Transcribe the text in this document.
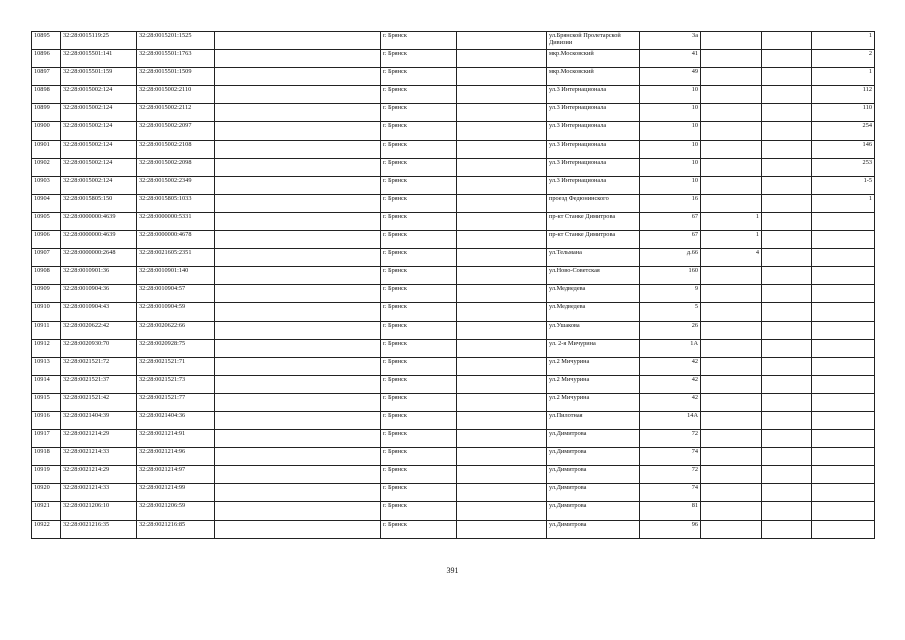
10895	32:28:0015119:25	32:28:0015201:1525		г. Брянск		ул.Брянской Пролетарской Дивизии	3а			1
10896	32:28:0015501:141	32:28:0015501:1763		г. Брянск		мкр.Московский	41			2
10897	32:28:0015501:159	32:28:0015501:1509		г. Брянск		мкр.Московский	49			1
10898	32:28:0015002:124	32:28:0015002:2110		г. Брянск		ул.3 Интернационала	10			112
10899	32:28:0015002:124	32:28:0015002:2112		г. Брянск		ул.3 Интернационала	10			110
10900	32:28:0015002:124	32:28:0015002:2097		г. Брянск		ул.3 Интернационала	10			254
10901	32:28:0015002:124	32:28:0015002:2108		г. Брянск		ул.3 Интернационала	10			146
10902	32:28:0015002:124	32:28:0015002:2098		г. Брянск		ул.3 Интернационала	10			253
10903	32:28:0015002:124	32:28:0015002:2349		г. Брянск		ул.3 Интернационала	10			1-5
10904	32:28:0015805:150	32:28:0015805:1033		г. Брянск		проезд Федюнинского	16			1
10905	32:28:0000000:4639	32:28:0000000:5331		г. Брянск		пр-кт Станке Димитрова	67	1		
10906	32:28:0000000:4639	32:28:0000000:4678		г. Брянск		пр-кт Станке Димитрова	67	1		
10907	32:28:0000000:2648	32:28:0021605:2351		г. Брянск		ул.Тельмана	д.66	4		
10908	32:28:0010901:36	32:28:0010901:140		г. Брянск		ул.Ново-Советская	160			
10909	32:28:0010904:36	32:28:0010904:57		г. Брянск		ул.Медведева	9			
10910	32:28:0010904:43	32:28:0010904:59		г. Брянск		ул.Медведева	5			
10911	32:28:0020622:42	32:28:0020622:66		г. Брянск		ул.Ушакова	26			
10912	32:28:0020930:70	32:28:0020928:75		г. Брянск		ул. 2-я Мичурина	1А			
10913	32:28:0021521:72	32:28:0021521:71		г. Брянск		ул.2 Мичурина	42			
10914	32:28:0021521:37	32:28:0021521:73		г. Брянск		ул.2 Мичурина	42			
10915	32:28:0021521:42	32:28:0021521:77		г. Брянск		ул.2 Мичурина	42			
10916	32:28:0021404:39	32:28:0021404:36		г. Брянск		ул.Пилотная	14А			
10917	32:28:0021214:29	32:28:0021214:91		г. Брянск		ул.Димитрова	72			
10918	32:28:0021214:33	32:28:0021214:96		г. Брянск		ул.Димитрова	74			
10919	32:28:0021214:29	32:28:0021214:97		г. Брянск		ул.Димитрова	72			
10920	32:28:0021214:33	32:28:0021214:99		г. Брянск		ул.Димитрова	74			
10921	32:28:0021206:10	32:28:0021206:59		г. Брянск		ул.Димитрова	81			
10922	32:28:0021216:35	32:28:0021216:85		г. Брянск		ул.Димитрова	96			
391
